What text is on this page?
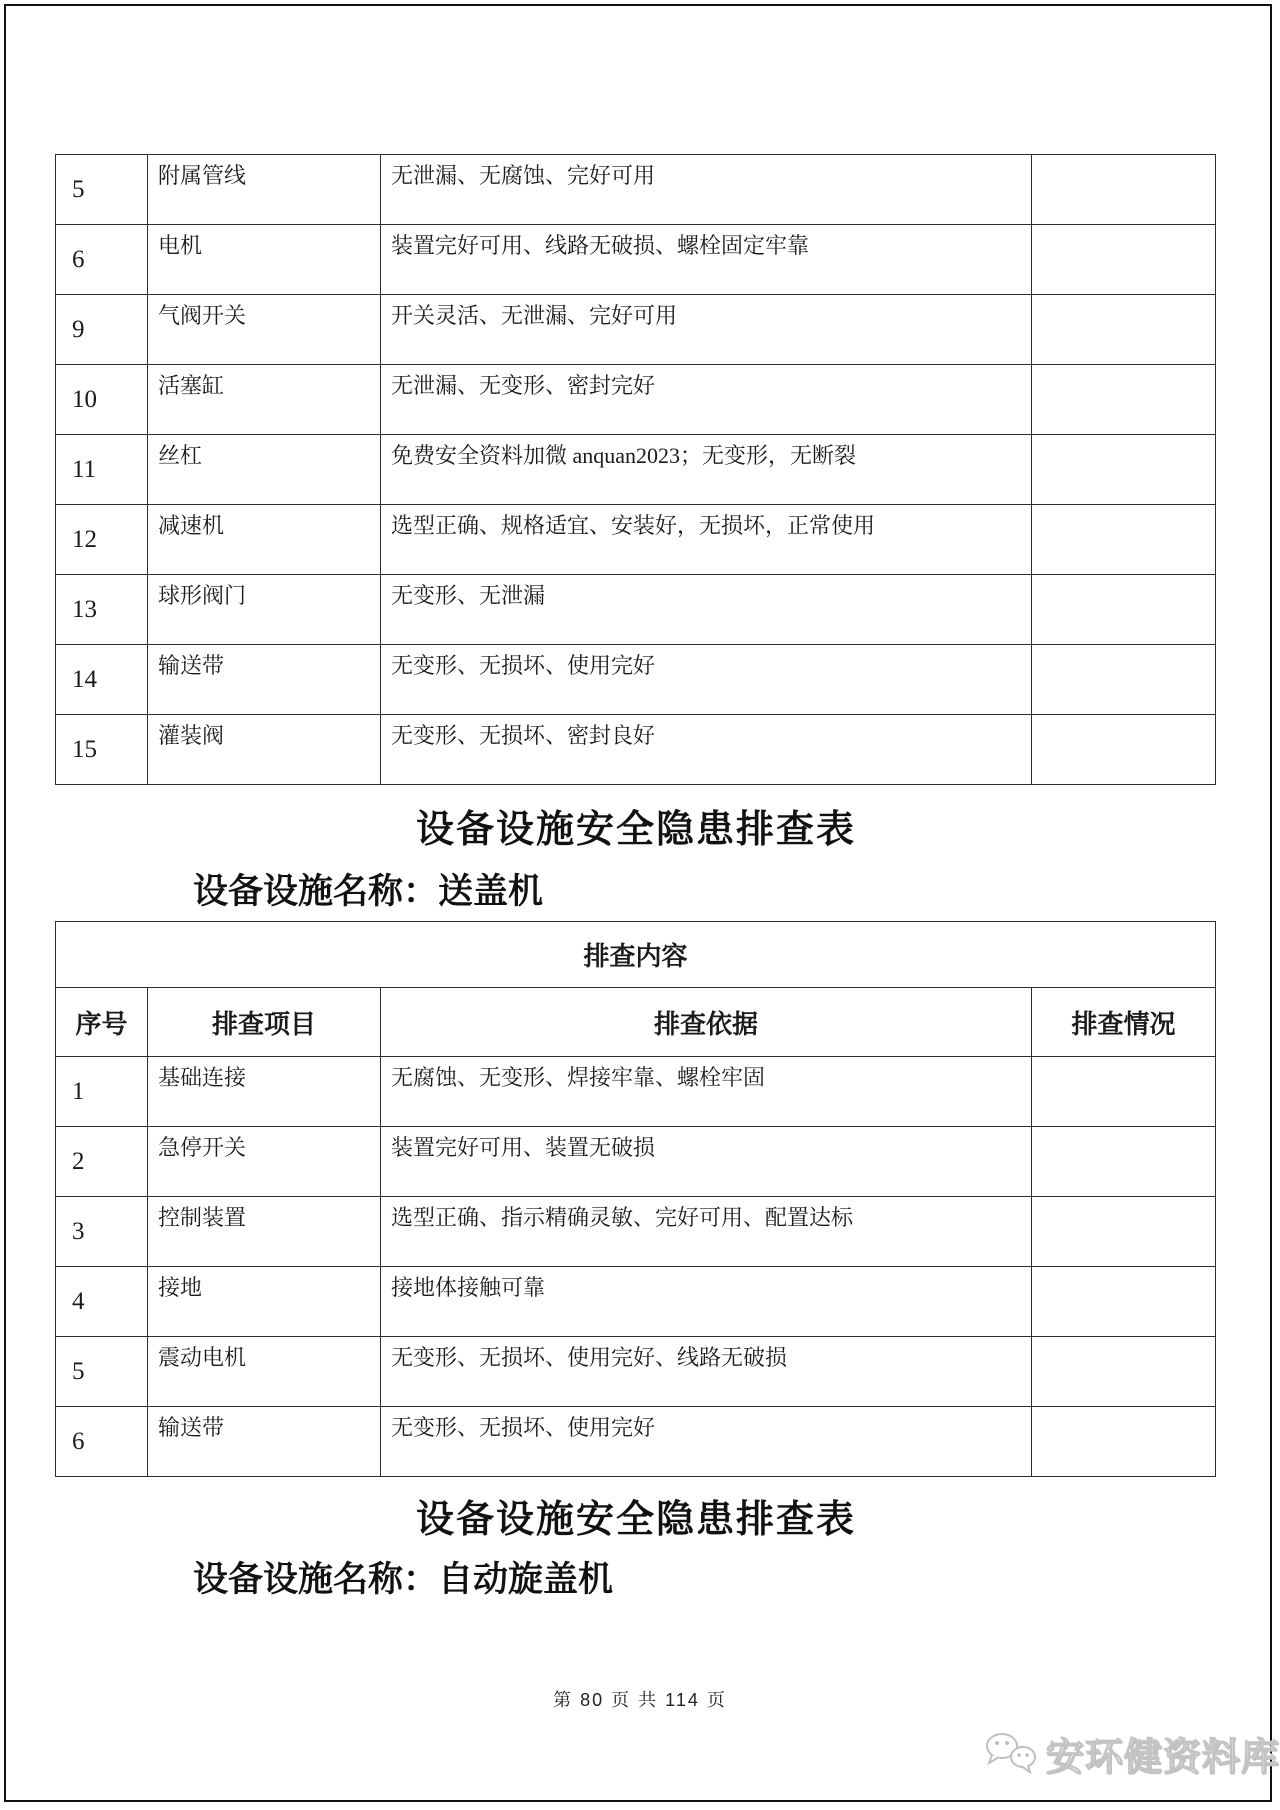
5	附属管线	无泄漏、无腐蚀、完好可用	
6	电机	装置完好可用、线路无破损、螺栓固定牢靠	
9	气阀开关	开关灵活、无泄漏、完好可用	
10	活塞缸	无泄漏、无变形、密封完好	
11	丝杠	免费安全资料加微 anquan2023；无变形，无断裂	
12	减速机	选型正确、规格适宜、安装好，无损坏，正常使用	
13	球形阀门	无变形、无泄漏	
14	输送带	无变形、无损坏、使用完好	
15	灌装阀	无变形、无损坏、密封良好	
设备设施安全隐患排查表
设备设施名称：送盖机
排查内容			
序号	排查项目	排查依据	排查情况
1	基础连接	无腐蚀、无变形、焊接牢靠、螺栓牢固	
2	急停开关	装置完好可用、装置无破损	
3	控制装置	选型正确、指示精确灵敏、完好可用、配置达标	
4	接地	接地体接触可靠	
5	震动电机	无变形、无损坏、使用完好、线路无破损	
6	输送带	无变形、无损坏、使用完好	
设备设施安全隐患排查表
设备设施名称：自动旋盖机
第 80 页 共 114 页
安环健资料库
